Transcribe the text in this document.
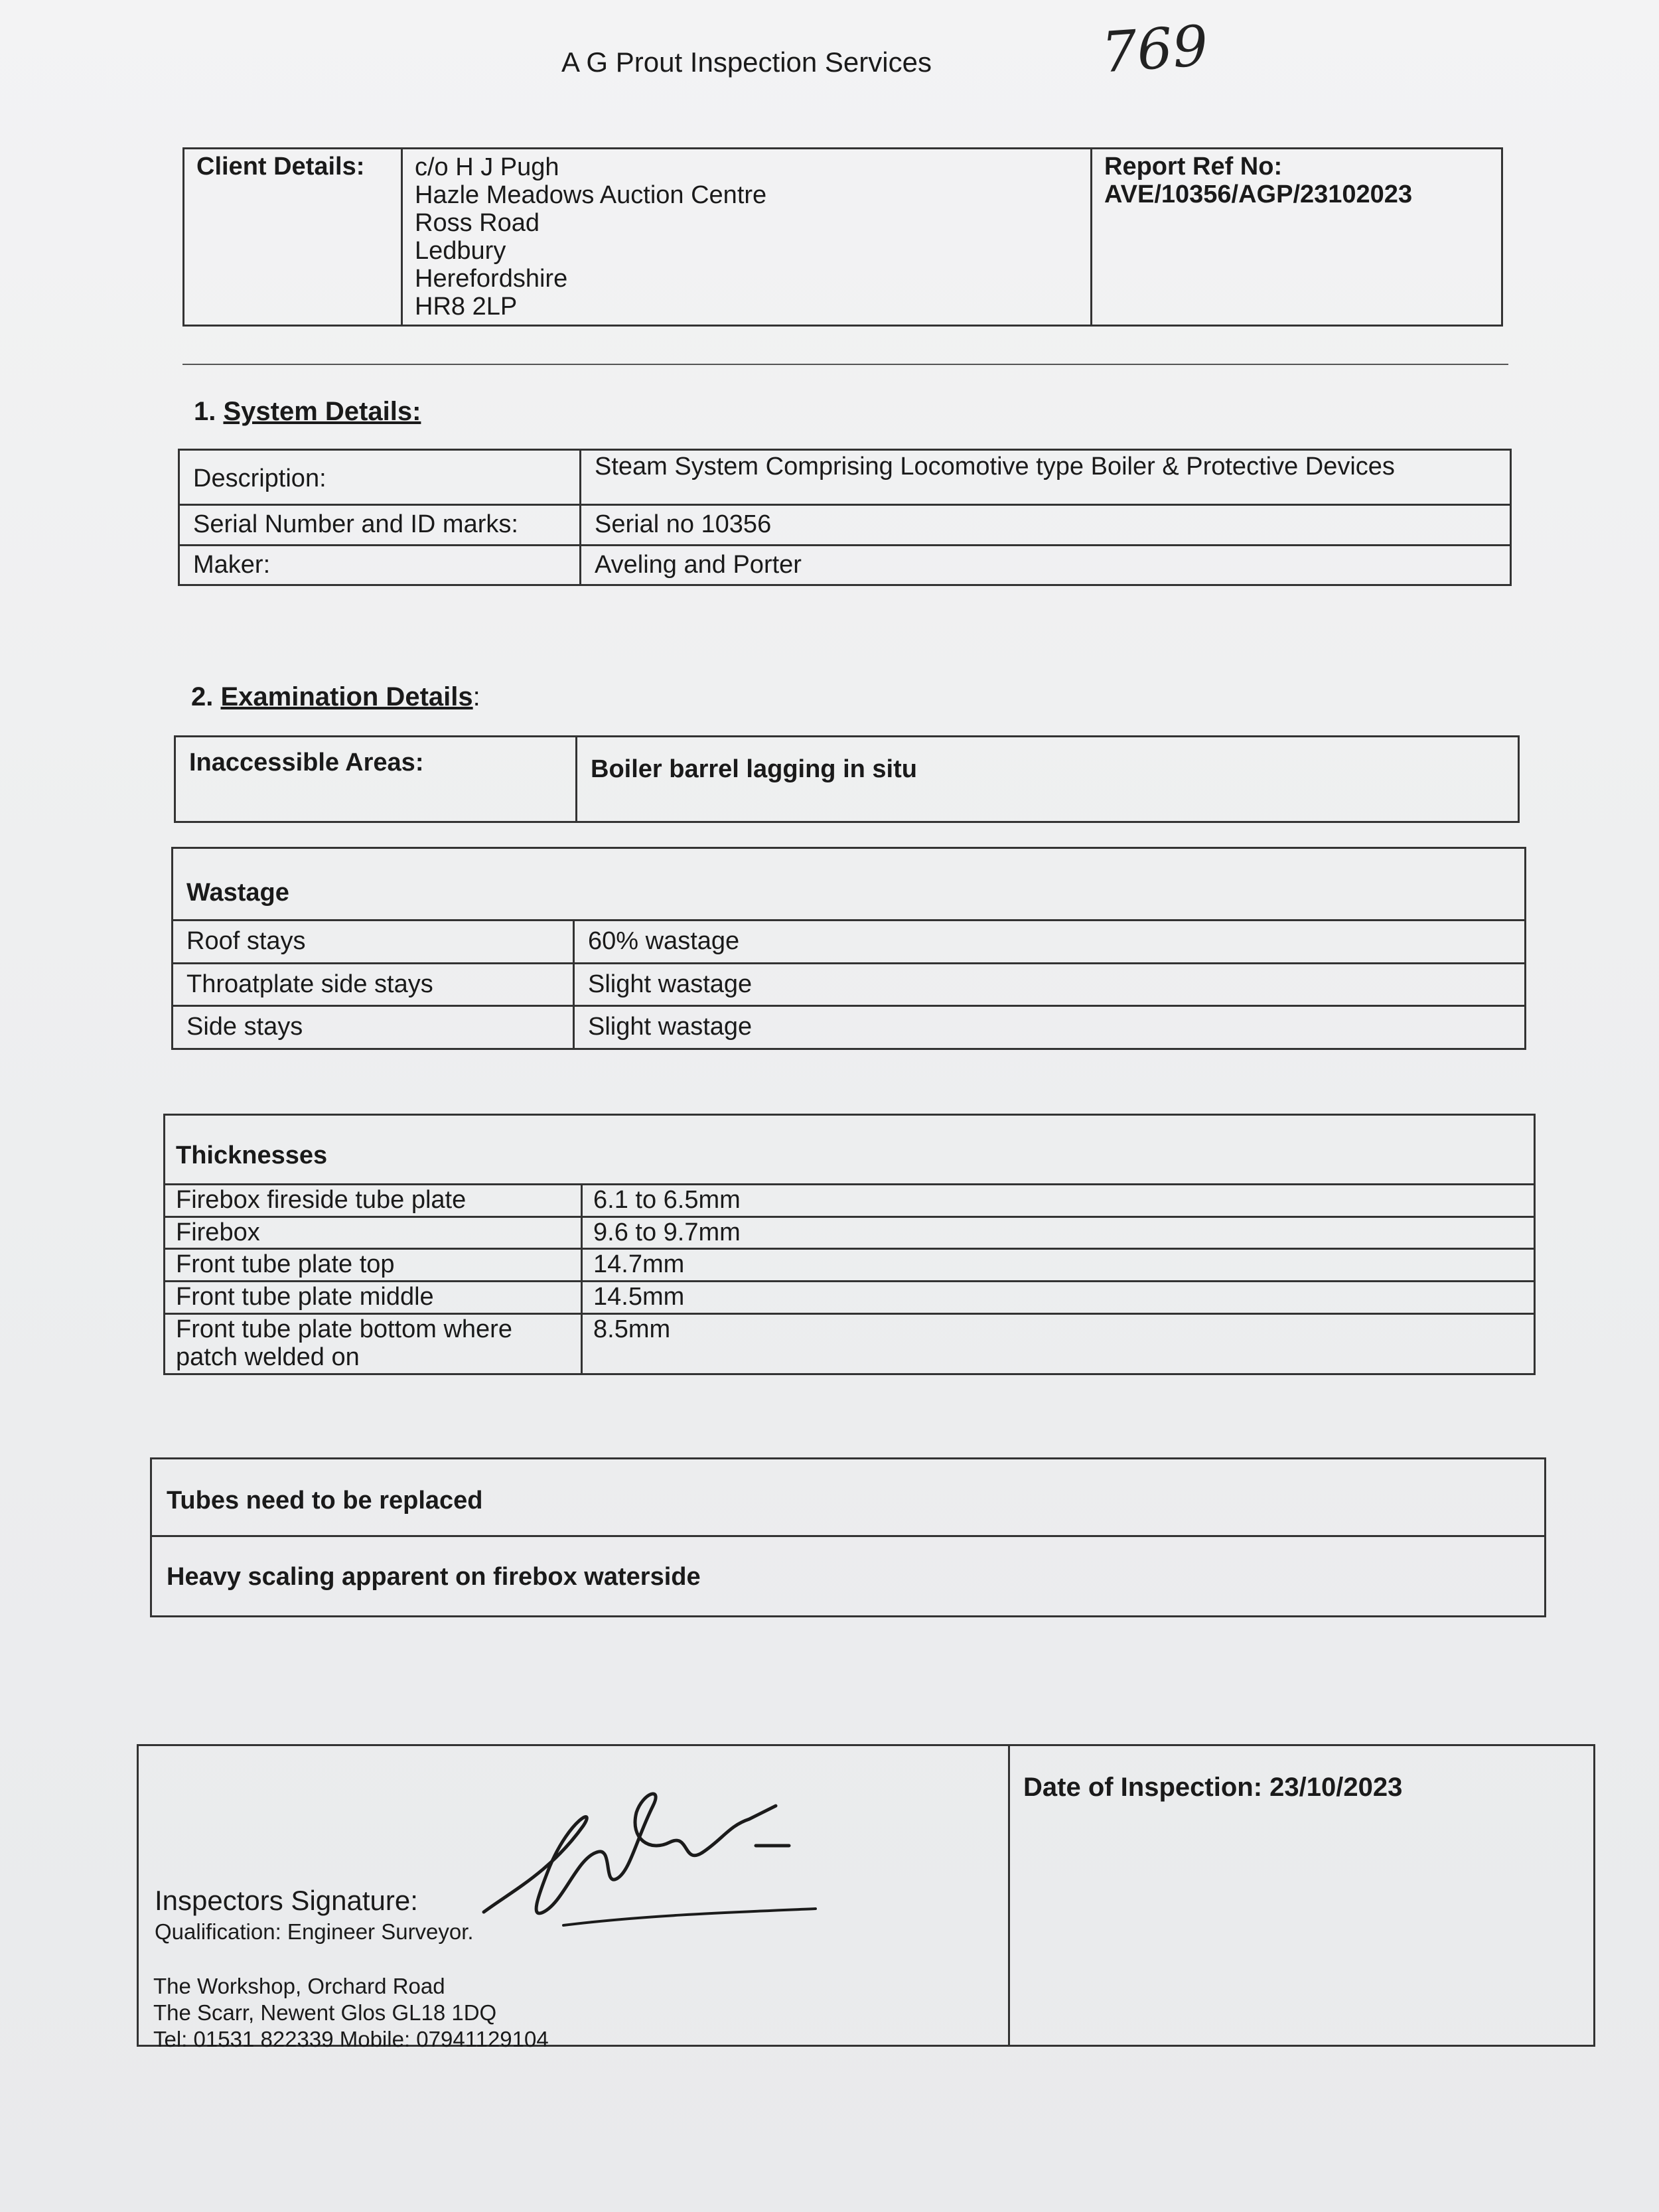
A G Prout Inspection Services	769
Client Details:	c/o H J Pugh
Hazle Meadows Auction Centre
Ross Road
Ledbury
Herefordshire
HR8 2LP

Report Ref No:
AVE/10356/AGP/23102023
1. System Details:
Description:	Steam System Comprising Locomotive type Boiler & Protective Devices
Serial Number and ID marks:	Serial no 10356
Maker:	Aveling and Porter
2. Examination Details:
Inaccessible Areas:	Boiler barrel lagging in situ
Wastage	
Roof stays	60% wastage
Throatplate side stays	Slight wastage
Side stays	Slight wastage
Thicknesses	
Firebox fireside tube plate	6.1 to 6.5mm
Firebox	9.6 to 9.7mm
Front tube plate top	14.7mm
Front tube plate middle	14.5mm

Front tube plate bottom where
patch welded on	8.5mm
Tubes need to be replaced
Heavy scaling apparent on firebox waterside
Inspectors Signature:
Qualification: Engineer Surveyor.
The Workshop, Orchard Road
The Scarr, Newent Glos GL18 1DQ
Tel: 01531 822339 Mobile: 07941129104
	Date of Inspection: 23/10/2023
